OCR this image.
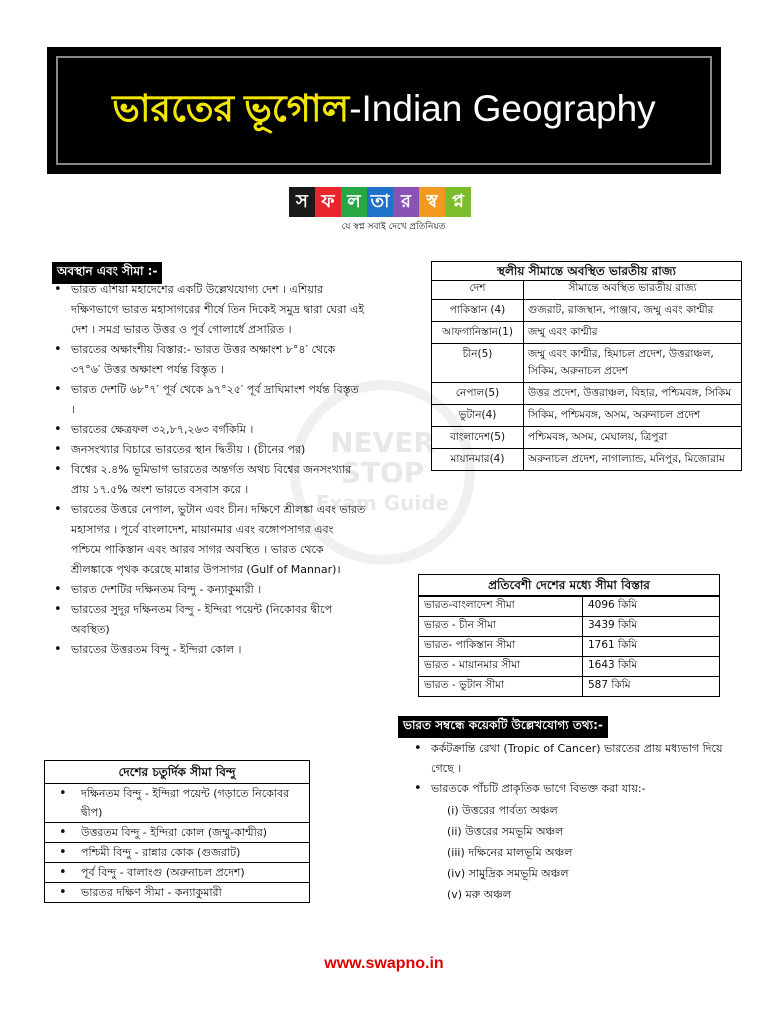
ভারতের ভূগোল-Indian Geography
স ফ ল তা র স্ব প্ন
যে স্বপ্ন সবাই দেখে প্রতিনিয়ত
NEVER
STOP
Exam Guide
অবস্থান এবং সীমা :-
• ভারত এশিয়া মহাদেশের একটি উল্লেখযোগ্য দেশ । এশিয়ার দক্ষিণভাগে ভারত মহাসাগরের শীর্ষে তিন দিকেই সমুদ্র দ্বারা ঘেরা এই দেশ । সমগ্র ভারত উত্তর ও পূর্ব গোলার্ধে প্রসারিত ।
• ভারতের অক্ষাংশীয় বিস্তার:- ভারত উত্তর অক্ষাংশ ৮°৪′ থেকে ৩৭°৬′ উত্তর অক্ষাংশ পর্যন্ত বিস্তৃত ।
• ভারত দেশটি ৬৮°৭′ পূর্ব থেকে ৯৭°২৫′ পূর্ব দ্রাঘিমাংশ পর্যন্ত বিস্তৃত ।
• ভারতের ক্ষেত্রফল ৩২,৮৭,২৬৩ বর্গকিমি ।
• জনসংখ্যার বিচারে ভারতের স্থান দ্বিতীয় । (চীনের পর)
• বিশ্বের ২.৪% ভূমিভাগ ভারতের অন্তর্গত অথচ বিশ্বের জনসংখ্যার প্রায় ১৭.৫% অংশ ভারতে বসবাস করে ।
• ভারতের উত্তরে নেপাল, ভুটান এবং চীন। দক্ষিণে শ্রীলঙ্কা এবং ভারত মহাসাগর । পূর্বে বাংলাদেশ, মায়ানমার এবং বঙ্গোপসাগর এবং পশ্চিমে পাকিস্তান এবং আরব সাগর অবস্থিত । ভারত থেকে শ্রীলঙ্কাকে পৃথক করেছে মান্নার উপসাগর (Gulf of Mannar)।
• ভারত দেশটির দক্ষিনতম বিন্দু - কন্যাকুমারী ।
• ভারতের সুদূর দক্ষিনতম বিন্দু - ইন্দিরা পয়েন্ট (নিকোবর দ্বীপে অবস্থিত)
• ভারতের উত্তরতম বিন্দু - ইন্দিরা কোল ।
দেশের চতুর্দিক সীমা বিন্দু
• দক্ষিনতম বিন্দু - ইন্দিরা পয়েন্ট (গড়াতে নিকোবর দ্বীপ)
• উত্তরতম বিন্দু - ইন্দিরা কোল (জম্মু-কাশ্মীর)
• পশ্চিমী বিন্দু - রান্নার কোক (গুজরাট)
• পূর্ব বিন্দু - বালাংগু (অরুনাচল প্রদেশ)
• ভারতর দক্ষিণ সীমা - কন্যাকুমারী
স্থলীয় সীমান্তে অবস্থিত ভারতীয় রাজ্য
দেশ	সীমান্তে অবস্থিত ভারতীয় রাজ্য
পাকিস্তান (4)	গুজরাট, রাজস্থান, পাঞ্জাব, জম্মু এবং কাশ্মীর
আফগানিস্তান(1)	জম্মু এবং কাশ্মীর
চীন(5)	জম্মু এবং কাশ্মীর, হিমাচল প্রদেশ, উত্তরাঞ্চল, সিকিম, অরুনাচল প্রদেশ
নেপাল(5)	উত্তর প্রদেশ, উত্তরাঞ্চল, বিহার, পশ্চিমবঙ্গ, সিকিম
ভুটান(4)	সিকিম, পশ্চিমবঙ্গ, অসম, অরুনাচল প্রদেশ
বাংলাদেশ(5)	পশ্চিমবঙ্গ, অসম, মেঘালয়, ত্রিপুরা
মায়ানমার(4)	অরুনাচল প্রদেশ, নাগাল্যান্ড, মনিপুর, মিজোরাম
প্রতিবেশী দেশের মধ্যে সীমা বিস্তার
ভারত-বাংলাদেশ সীমা	4096 কিমি
ভারত - চীন সীমা	3439 কিমি
ভারত- পাকিস্তান সীমা	1761 কিমি
ভারত - মায়ানমার সীমা	1643 কিমি
ভারত - ভুটান সীমা	587 কিমি
ভারত সম্বন্ধে কয়েকটি উল্লেখযোগ্য তথ্য:-
• কর্কটক্রান্তি রেখা (Tropic of Cancer) ভারতের প্রায় মধ্যভাগ দিয়ে গেছে ।
• ভারতকে পাঁচটি প্রাকৃতিক ভাগে বিভক্ত করা যায়:-
(i) উত্তরের পার্বত্য অঞ্চল
(ii) উত্তরের সমভূমি অঞ্চল
(iii) দক্ষিনের মালভূমি অঞ্চল
(iv) সামুদ্রিক সমভূমি অঞ্চল
(v) মরু অঞ্চল
www.swapno.in
